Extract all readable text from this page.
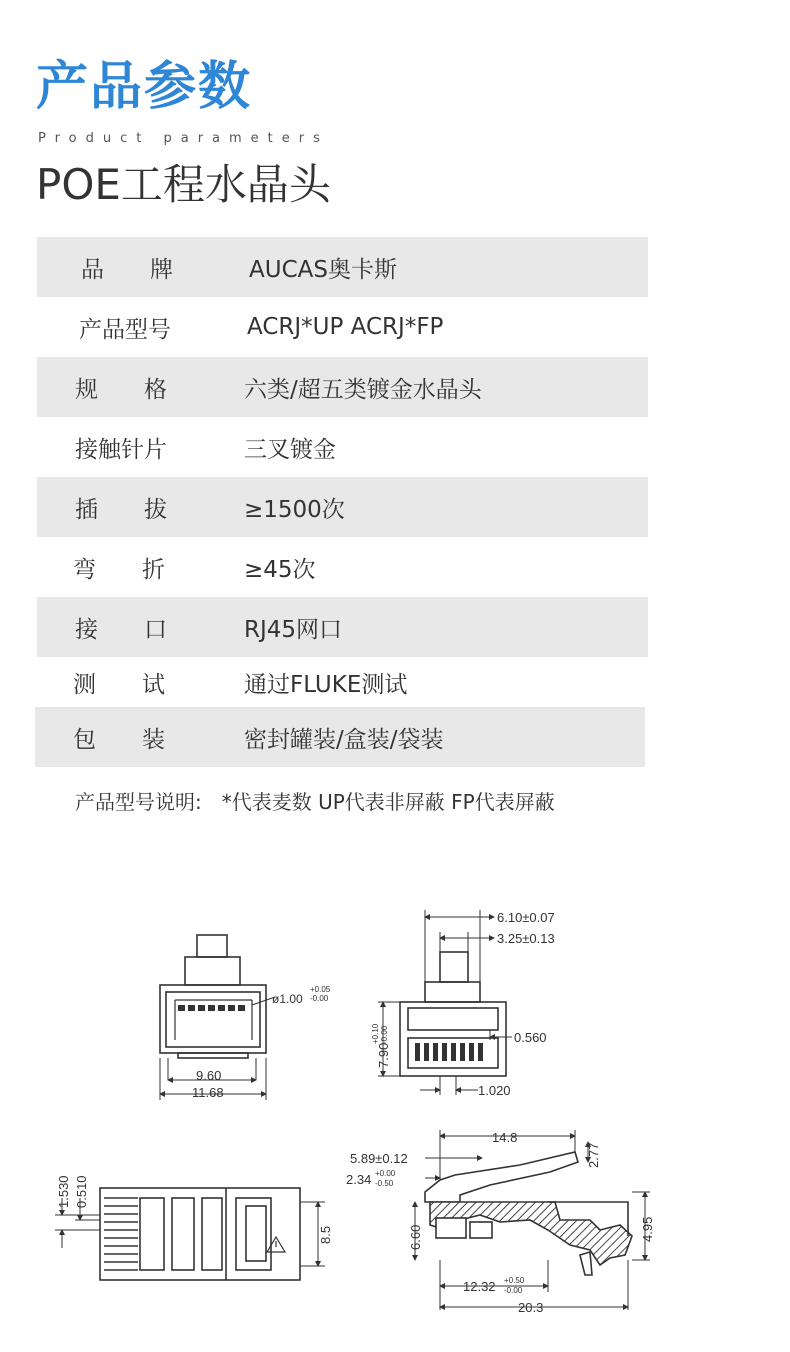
产品参数
Product parameters
POE工程水晶头
品　　牌	AUCAS奥卡斯
产品型号	ACRJ*UP ACRJ*FP
规　　格	六类/超五类镀金水晶头
接触针片	三叉镀金
插　　拔	≥1500次
弯　　折	≥45次
接　　口	RJ45网口
测　　试	通过FLUKE测试
包　　装	密封罐装/盒装/袋装
产品型号说明:　*代表麦数 UP代表非屏蔽 FP代表屏蔽
9.60
11.68
ø1.00
+0.05
-0.00
6.10±0.07
3.25±0.13
0.560
1.020
7.90
+0.10 -0.00
1.530 0.510
8.5
14.8
5.89±0.12
2.34 +0.00
-0.50
2.77
6.60	4.95
12.32 +0.50
-0.00
20.3
